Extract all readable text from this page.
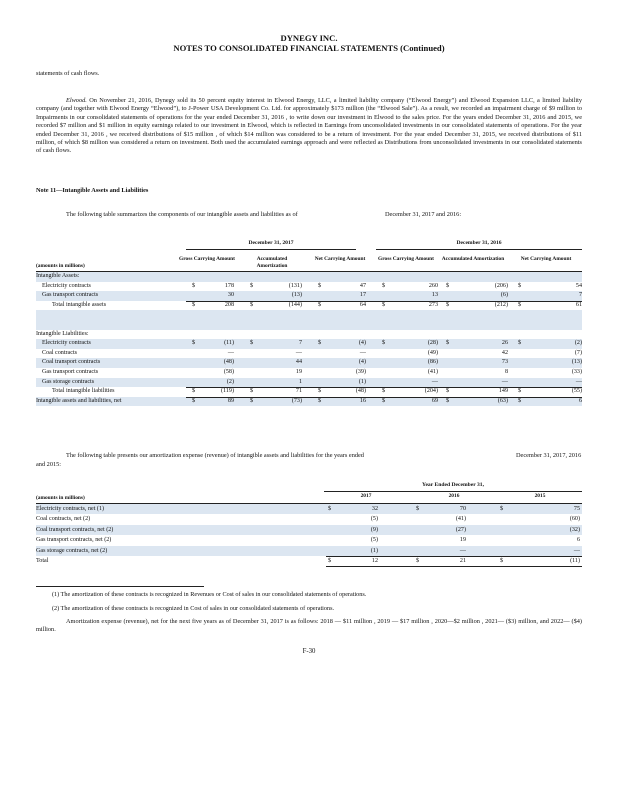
DYNEGY INC.
NOTES TO CONSOLIDATED FINANCIAL STATEMENTS (Continued)
statements of cash flows.
Elwood. On November 21, 2016, Dynegy sold its 50 percent equity interest in Elwood Energy, LLC, a limited liability company (“Elwood Energy”) and Elwood Expansion LLC, a limited liability company (and together with Elwood Energy “Elwood”), to J-Power USA Development Co. Ltd. for approximately $173 million (the “Elwood Sale”). As a result, we recorded an impairment charge of $9 million to Impairments in our consolidated statements of operations for the year ended December 31, 2016 , to write down our investment in Elwood to the sales price. For the years ended December 31, 2016 and 2015, we recorded $7 million and $1 million in equity earnings related to our investment in Elwood, which is reflected in Earnings from unconsolidated investments in our consolidated statements of operations. For the year ended December 31, 2016 , we received distributions of $15 million , of which $14 million was considered to be a return of investment. For the year ended December 31, 2015, we received distributions of $11 million, of which $8 million was considered a return on investment. Both used the accumulated earnings approach and were reflected as Distributions from unconsolidated investments in our consolidated statements of cash flows.
Note 11—Intangible Assets and Liabilities
The following table summarizes the components of our intangible assets and liabilities as of	December 31, 2017 and 2016:
December 31, 2017	December 31, 2016
Gross Carrying Amount	Accumulated Amortization
Net Carrying Amount	Gross Carrying Amount	Accumulated Amortization	Net Carrying Amount
(amounts in millions)
Intangible Assets:
Electricity contracts	$	178	$	(131)	$	47	$	260 $	(206) $	54
Gas transport contracts	30	(13)	17	13	(6)	7
Total intangible assets	$	208	$	(144)	$	64	$	273 $	(212) $	61
Intangible Liabilities:
Electricity contracts	$	(11)	$	7	$	(4)	$	(28) $	26 $	(2)
Coal contracts	—	—	—	(49)	42	(7)
Coal transport contracts	(48)	44	(4)	(86)	73	(13)
Gas transport contracts	(58)	19	(39)	(41)	8	(33)
Gas storage contracts	(2)	1	(1)	—	—	—
Total intangible liabilities	$	(119)	$	71	$	(48)	$	(204) $	149 $	(55)
Intangible assets and liabilities, net	$	89	$	(73)	$	16	$	69 $	(63) $	6
The following table presents our amortization expense (revenue) of intangible assets and liabilities for the years ended	December 31, 2017, 2016
and 2015:
Year Ended December 31,
2017	2016	2015
(amounts in millions)
Electricity contracts, net (1)	$	32	$	70	$	75
Coal contracts, net (2)	(5)	(41)	(60)
Coal transport contracts, net (2)	(9)	(27)	(32)
Gas transport contracts, net (2)	(5)	19	6
Gas storage contracts, net (2)	(1)	—	—
Total	$	12	$	21	$	(11)
(1) The amortization of these contracts is recognized in Revenues or Cost of sales in our consolidated statements of operations.
(2) The amortization of these contracts is recognized in Cost of sales in our consolidated statements of operations.
Amortization expense (revenue), net for the next five years as of December 31, 2017 is as follows: 2018 — $11 million , 2019 — $17 million , 2020—$2 million , 2021— ($3) million, and 2022— ($4) million.
F-30
